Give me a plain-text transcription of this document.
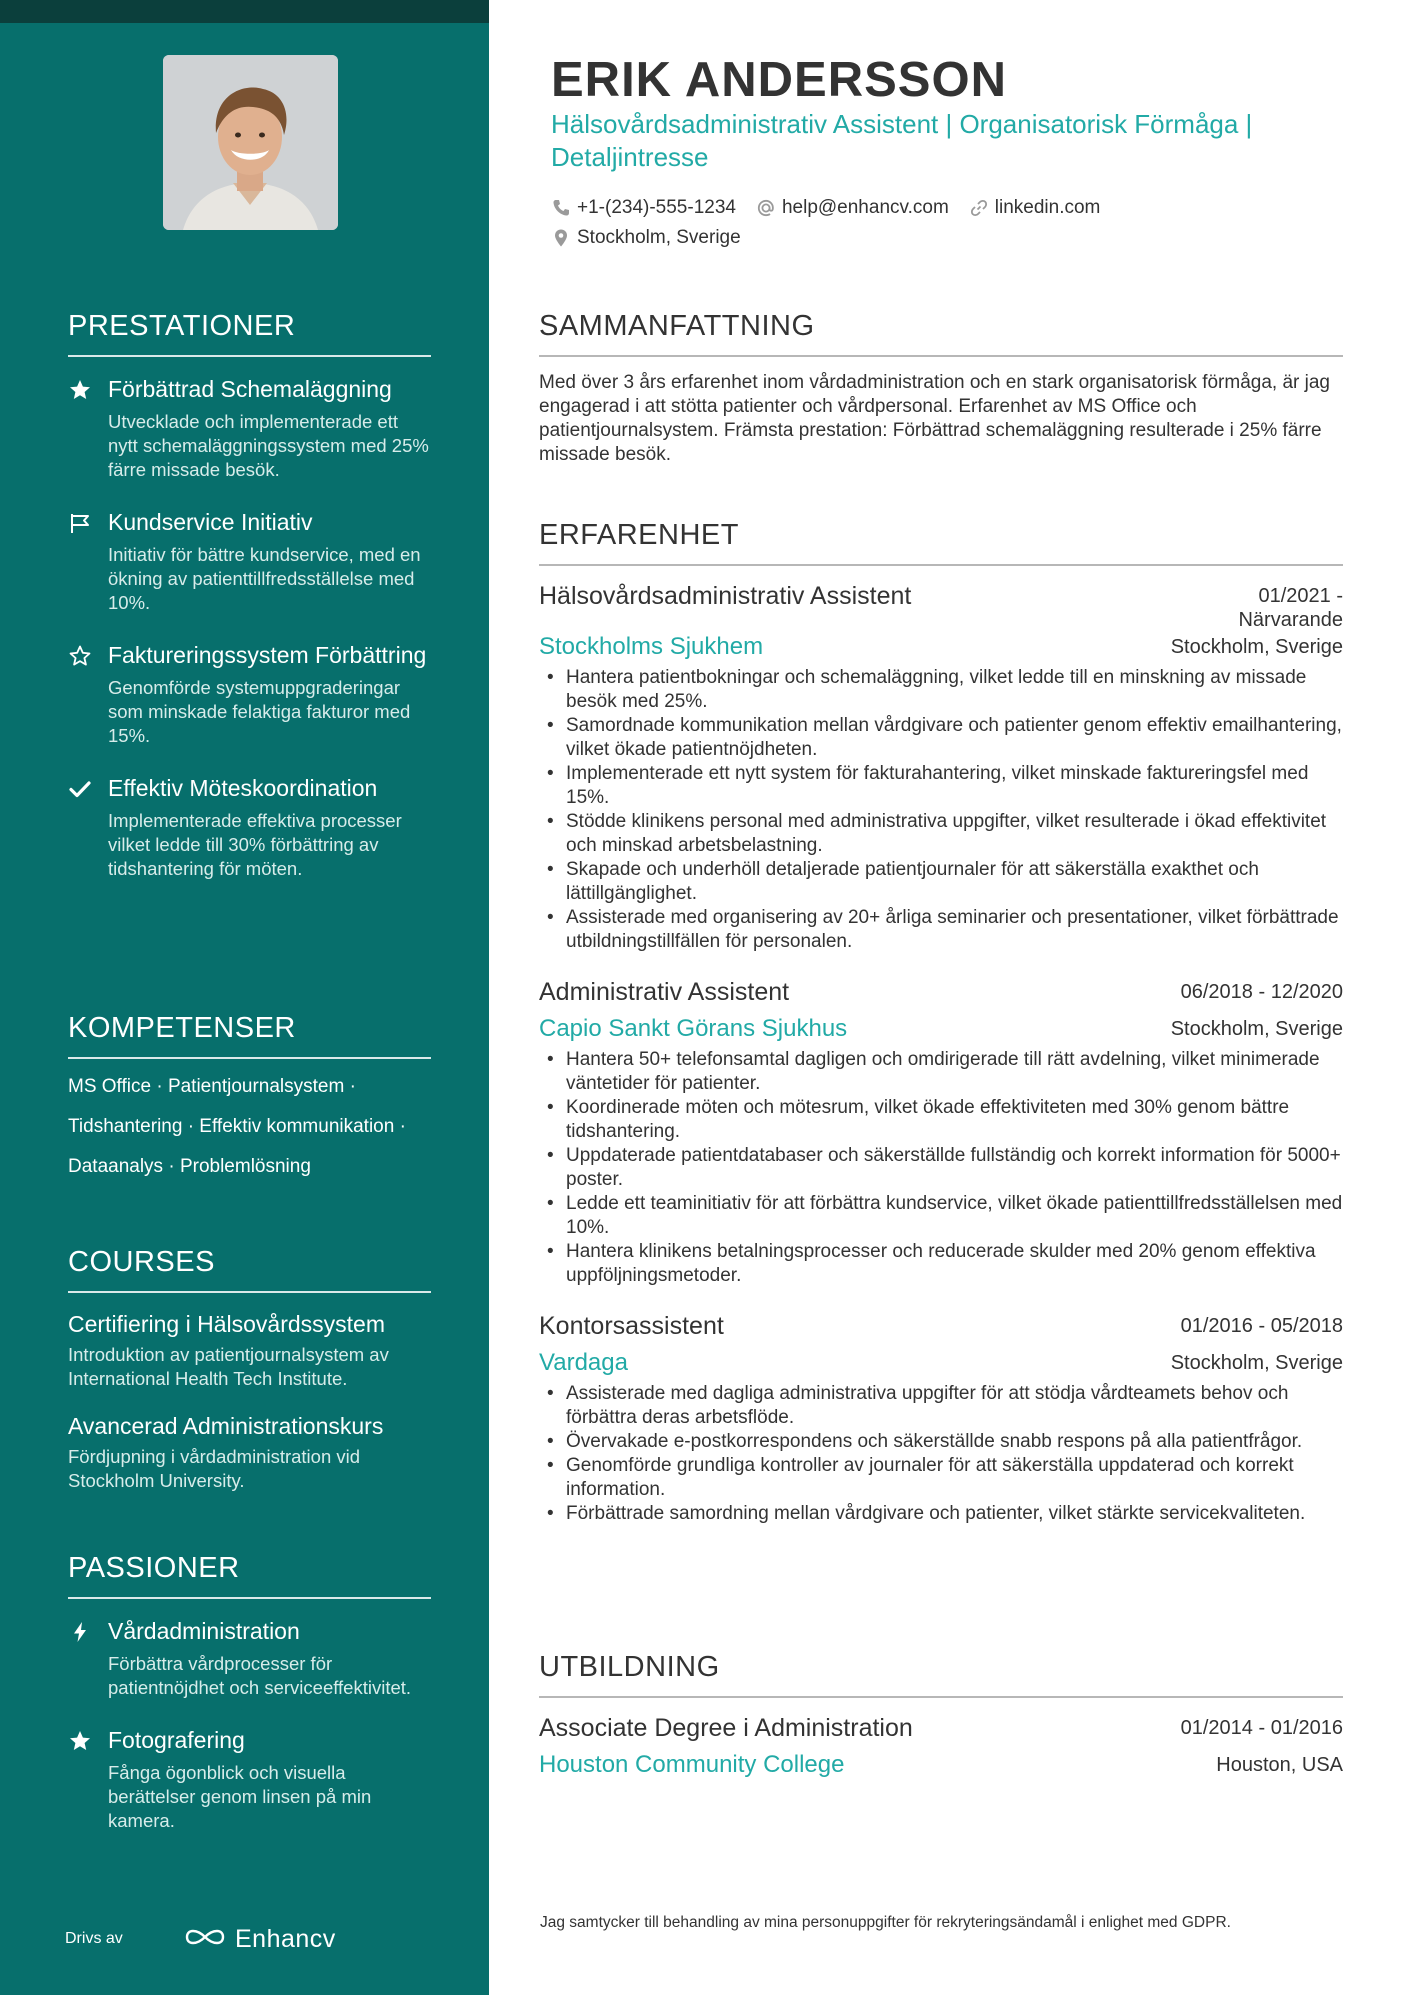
PRESTATIONER
Förbättrad Schemaläggning
Utvecklade och implementerade ett nytt schemaläggningssystem med 25% färre missade besök.
Kundservice Initiativ
Initiativ för bättre kundservice, med en ökning av patienttillfredsställelse med 10%.
Faktureringssystem Förbättring
Genomförde systemuppgraderingar som minskade felaktiga fakturor med 15%.
Effektiv Möteskoordination
Implementerade effektiva processer vilket ledde till 30% förbättring av tidshantering för möten.
KOMPETENSER
MS Office · Patientjournalsystem ·
Tidshantering · Effektiv kommunikation ·
Dataanalys · Problemlösning
COURSES
Certifiering i Hälsovårdssystem
Introduktion av patientjournalsystem av International Health Tech Institute.
Avancerad Administrationskurs
Fördjupning i vårdadministration vid Stockholm University.
PASSIONER
Vårdadministration
Förbättra vårdprocesser för patientnöjdhet och serviceeffektivitet.
Fotografering
Fånga ögonblick och visuella berättelser genom linsen på min kamera.
Drivs av	Enhancv
ERIK ANDERSSON
Hälsovårdsadministrativ Assistent | Organisatorisk Förmåga | Detaljintresse
+1-(234)-555-1234 help@enhancv.com linkedin.com
Stockholm, Sverige
SAMMANFATTNING
Med över 3 års erfarenhet inom vårdadministration och en stark organisatorisk förmåga, är jag engagerad i att stötta patienter och vårdpersonal. Erfarenhet av MS Office och patientjournalsystem. Främsta prestation: Förbättrad schemaläggning resulterade i 25% färre missade besök.
ERFARENHET
Hälsovårdsadministrativ Assistent	01/2021 -
Närvarande
Stockholms Sjukhem	Stockholm, Sverige
• Hantera patientbokningar och schemaläggning, vilket ledde till en minskning av missade besök med 25%.
• Samordnade kommunikation mellan vårdgivare och patienter genom effektiv emailhantering, vilket ökade patientnöjdheten.
• Implementerade ett nytt system för fakturahantering, vilket minskade faktureringsfel med 15%.
• Stödde klinikens personal med administrativa uppgifter, vilket resulterade i ökad effektivitet och minskad arbetsbelastning.
• Skapade och underhöll detaljerade patientjournaler för att säkerställa exakthet och lättillgänglighet.
• Assisterade med organisering av 20+ årliga seminarier och presentationer, vilket förbättrade utbildningstillfällen för personalen.
Administrativ Assistent	06/2018 - 12/2020
Capio Sankt Görans Sjukhus	Stockholm, Sverige
• Hantera 50+ telefonsamtal dagligen och omdirigerade till rätt avdelning, vilket minimerade väntetider för patienter.
• Koordinerade möten och mötesrum, vilket ökade effektiviteten med 30% genom bättre tidshantering.
• Uppdaterade patientdatabaser och säkerställde fullständig och korrekt information för 5000+ poster.
• Ledde ett teaminitiativ för att förbättra kundservice, vilket ökade patienttillfredsställelsen med 10%.
• Hantera klinikens betalningsprocesser och reducerade skulder med 20% genom effektiva uppföljningsmetoder.
Kontorsassistent	01/2016 - 05/2018
Vardaga	Stockholm, Sverige
• Assisterade med dagliga administrativa uppgifter för att stödja vårdteamets behov och förbättra deras arbetsflöde.
• Övervakade e-postkorrespondens och säkerställde snabb respons på alla patientfrågor.
• Genomförde grundliga kontroller av journaler för att säkerställa uppdaterad och korrekt information.
• Förbättrade samordning mellan vårdgivare och patienter, vilket stärkte servicekvaliteten.
UTBILDNING
Associate Degree i Administration	01/2014 - 01/2016
Houston Community College	Houston, USA
Jag samtycker till behandling av mina personuppgifter för rekryteringsändamål i enlighet med GDPR.
